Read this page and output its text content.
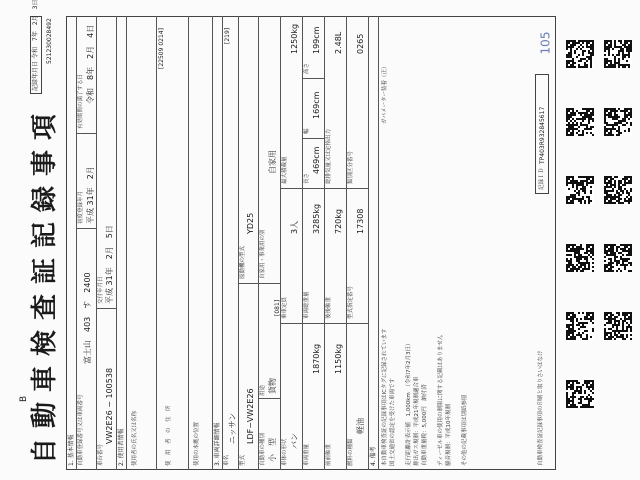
自動車検査証記録事項
B
記録年月日
令和　7年　2月　3日 521230028492
1. 基本情報 自動車登録番号又は車両番号
富士山　403　す　2400
初度登録年月 平成 31年　2月
有効期間の満了する日 令和　8年　2月　4日
車台番号
VW2E26 − 100538
交付年月日 平成 31年　2月　5日
2. 使用者情報 使用者の氏名又は名称	使　用　者　の　住　所
[22509 0214]
使用の本拠の位置 3. 車両詳細情報 車名
ニッサン
[219]
型式
LDF−VW2E26
原動機の型式
YD25
自動車の種別 小　型
用途 貨物
自家用・事業用の別
自家用
車体の形状 バン
乗車定員
[081]
3人
最大積載量
1250kg
車両重量
1870kg
車両総重量
3285kg
長さ
469cm
幅
169cm
高さ
199cm
前前軸重
1150kg
後後軸重
720kg
総排気量又は定格出力
2.48L
燃料の種類
軽油
型式指定番号
17308
類別区分番号
0265
4. 備考 本自動車検査証の記録事項はICタグに記録されています 国土交通省の認定を受けた車両です 走行距離計表示値　1,000km　（令和7年2月3日） 排出ガス規制：平成21年規制適合車 自動車重量税：5,000円　納付済 ディーゼル車の使用の制限に関する記載はありません 騒音規制：平成10年規制 その他の記載事項は別紙参照
ガバメーター装着（正）
自動車検査証記録事項の印刷と取りさいはなけ
記録ＩＤ
TP403R932845617
105
